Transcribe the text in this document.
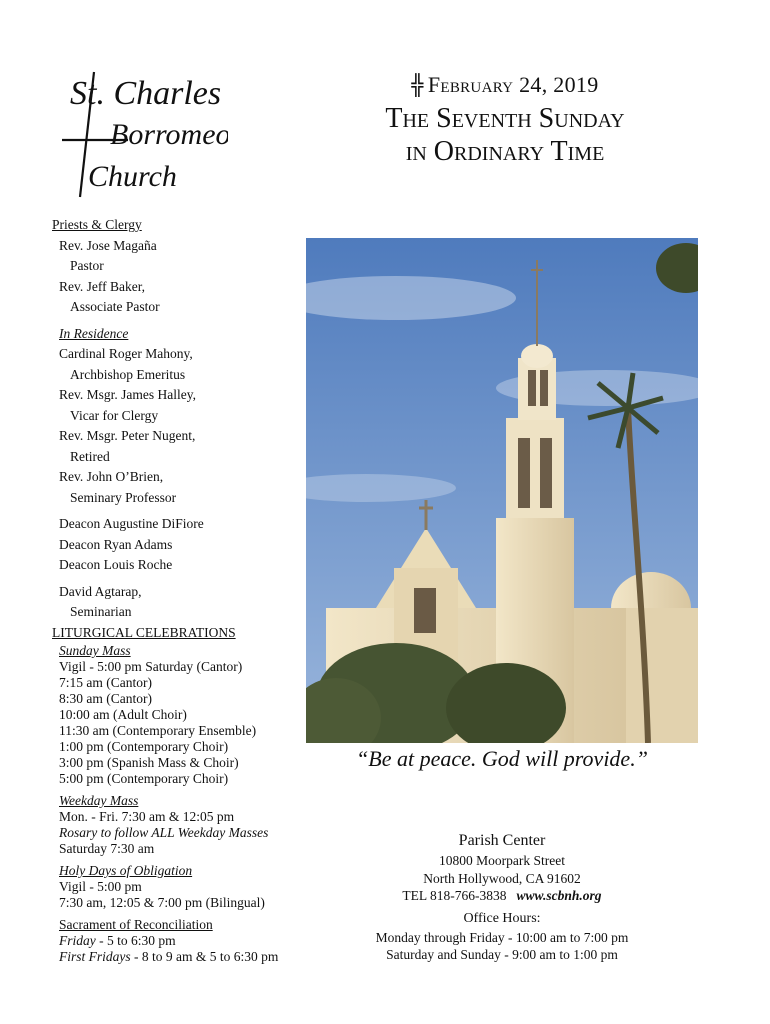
St. Charles
Borromeo
Church
╬ February 24, 2019
The Seventh Sunday
in Ordinary Time
Priests & Clergy
Rev. Jose Magaña
Pastor
Rev. Jeff Baker,
Associate Pastor
In Residence
Cardinal Roger Mahony,
Archbishop Emeritus
Rev. Msgr. James Halley,
Vicar for Clergy
Rev. Msgr. Peter Nugent,
Retired
Rev. John O’Brien,
Seminary Professor
Deacon Augustine DiFiore
Deacon Ryan Adams
Deacon Louis Roche
David Agtarap,
Seminarian
LITURGICAL CELEBRATIONS
Sunday Mass
Vigil - 5:00 pm Saturday (Cantor)
7:15 am (Cantor)
8:30 am (Cantor)
10:00 am (Adult Choir)
11:30 am (Contemporary Ensemble)
1:00 pm (Contemporary Choir)
3:00 pm (Spanish Mass & Choir)
5:00 pm (Contemporary Choir)
Weekday Mass
Mon. - Fri. 7:30 am & 12:05 pm
Rosary to follow ALL Weekday Masses
Saturday 7:30 am
Holy Days of Obligation
Vigil - 5:00 pm
7:30 am, 12:05 & 7:00 pm (Bilingual)
Sacrament of Reconciliation
Friday - 5 to 6:30 pm
First Fridays - 8 to 9 am & 5 to 6:30 pm
“Be at peace. God will provide.”
Parish Center
10800 Moorpark Street
North Hollywood, CA 91602
TEL 818-766-3838 www.scbnh.org
Office Hours:
Monday through Friday - 10:00 am to 7:00 pm
Saturday and Sunday - 9:00 am to 1:00 pm
